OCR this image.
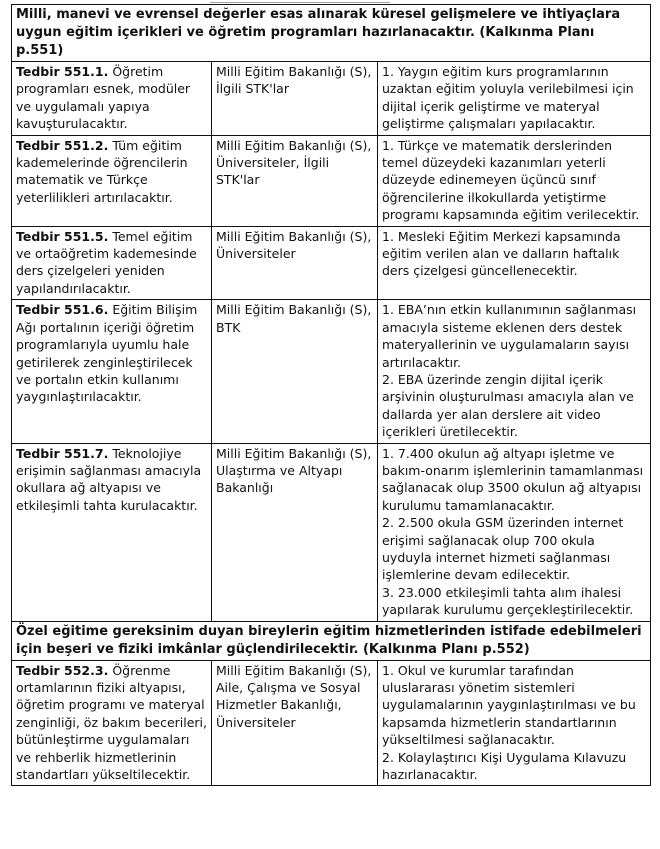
Milli, manevi ve evrensel değerler esas alınarak küresel gelişmelere ve ihtiyaçlara uygun eğitim içerikleri ve öğretim programları hazırlanacaktır. (Kalkınma Planı p.551)		
Tedbir 551.1. Öğretim programları esnek, modüler ve uygulamalı yapıya kavuşturulacaktır.	Milli Eğitim Bakanlığı (S), İlgili STK'lar	1. Yaygın eğitim kurs programlarının uzaktan eğitim yoluyla verilebilmesi için dijital içerik geliştirme ve materyal geliştirme çalışmaları yapılacaktır.

Tedbir 551.2. Tüm eğitim kademelerinde öğrencilerin matematik ve Türkçe yeterlilikleri artırılacaktır.	Milli Eğitim Bakanlığı (S), Üniversiteler, İlgili STK'lar	1. Türkçe ve matematik derslerinden temel düzeydeki kazanımları yeterli düzeyde edinemeyen üçüncü sınıf öğrencilerine ilkokullarda yetiştirme programı kapsamında eğitim verilecektir.

Tedbir 551.5. Temel eğitim ve ortaöğretim kademesinde ders çizelgeleri yeniden yapılandırılacaktır.	Milli Eğitim Bakanlığı (S), Üniversiteler	1. Mesleki Eğitim Merkezi kapsamında eğitim verilen alan ve dalların haftalık ders çizelgesi güncellenecektir.

Tedbir 551.6. Eğitim Bilişim Ağı portalının içeriği öğretim programlarıyla uyumlu hale getirilerek zenginleştirilecek ve portalın etkin kullanımı yaygınlaştırılacaktır.	Milli Eğitim Bakanlığı (S), BTK	1. EBA’nın etkin kullanımının sağlanması amacıyla sisteme eklenen ders destek materyallerinin ve uygulamaların sayısı artırılacaktır.
2. EBA üzerinde zengin dijital içerik arşivinin oluşturulması amacıyla alan ve dallarda yer alan derslere ait video içerikleri üretilecektir.

Tedbir 551.7. Teknolojiye erişimin sağlanması amacıyla okullara ağ altyapısı ve etkileşimli tahta kurulacaktır.	Milli Eğitim Bakanlığı (S), Ulaştırma ve Altyapı Bakanlığı	1. 7.400 okulun ağ altyapı işletme ve bakım-onarım işlemlerinin tamamlanması sağlanacak olup 3500 okulun ağ altyapısı kurulumu tamamlanacaktır.
2. 2.500 okula GSM üzerinden internet erişimi sağlanacak olup 700 okula uyduyla internet hizmeti sağlanması işlemlerine devam edilecektir.
3. 23.000 etkileşimli tahta alım ihalesi yapılarak kurulumu gerçekleştirilecektir.

Özel eğitime gereksinim duyan bireylerin eğitim hizmetlerinden istifade edebilmeleri için beşeri ve fiziki imkânlar güçlendirilecektir. (Kalkınma Planı p.552)		
Tedbir 552.3. Öğrenme ortamlarının fiziki altyapısı, öğretim programı ve materyal zenginliği, öz bakım becerileri, bütünleştirme uygulamaları ve rehberlik hizmetlerinin standartları yükseltilecektir.	Milli Eğitim Bakanlığı (S), Aile, Çalışma ve Sosyal Hizmetler Bakanlığı, Üniversiteler	1. Okul ve kurumlar tarafından uluslararası yönetim sistemleri uygulamalarının yaygınlaştırılması ve bu kapsamda hizmetlerin standartlarının yükseltilmesi sağlanacaktır.
2. Kolaylaştırıcı Kişi Uygulama Kılavuzu hazırlanacaktır.
